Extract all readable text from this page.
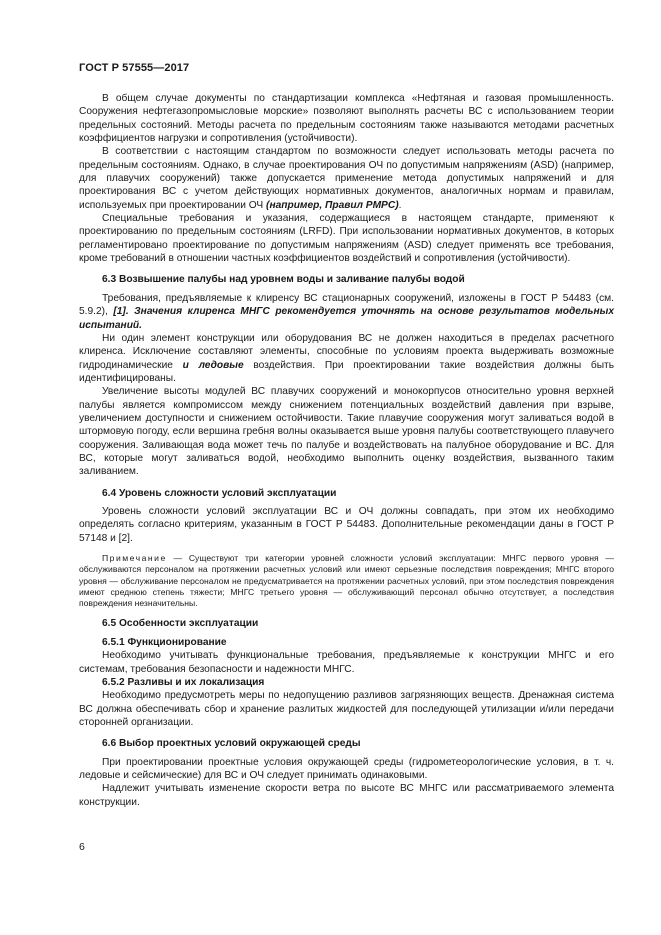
ГОСТ Р 57555—2017

В общем случае документы по стандартизации комплекса «Нефтяная и газовая промышленность. Сооружения нефтегазопромысловые морские» позволяют выполнять расчеты ВС с использованием теории предельных состояний. Методы расчета по предельным состояниям также называются методами расчетных коэффициентов нагрузки и сопротивления (устойчивости).

В соответствии с настоящим стандартом по возможности следует использовать методы расчета по предельным состояниям. Однако, в случае проектирования ОЧ по допустимым напряжениям (ASD) (например, для плавучих сооружений) также допускается применение метода допустимых напряжений и для проектирования ВС с учетом действующих нормативных документов, аналогичных нормам и правилам, используемых при проектировании ОЧ (например, Правил РМРС).

Специальные требования и указания, содержащиеся в настоящем стандарте, применяют к проектированию по предельным состояниям (LRFD). При использовании нормативных документов, в которых регламентировано проектирование по допустимым напряжениям (ASD) следует применять все требования, кроме требований в отношении частных коэффициентов воздействий и сопротивления (устойчивости).

6.3 Возвышение палубы над уровнем воды и заливание палубы водой

Требования, предъявляемые к клиренсу ВС стационарных сооружений, изложены в ГОСТ Р 54483 (см. 5.9.2), [1]. Значения клиренса МНГС рекомендуется уточнять на основе результатов модельных испытаний.

Ни один элемент конструкции или оборудования ВС не должен находиться в пределах расчетного клиренса. Исключение составляют элементы, способные по условиям проекта выдерживать возможные гидродинамические и ледовые воздействия. При проектировании такие воздействия должны быть идентифицированы.

Увеличение высоты модулей ВС плавучих сооружений и монокорпусов относительно уровня верхней палубы является компромиссом между снижением потенциальных воздействий давления при взрыве, увеличением доступности и снижением остойчивости. Такие плавучие сооружения могут заливаться водой в штормовую погоду, если вершина гребня волны оказывается выше уровня палубы соответствующего плавучего сооружения. Заливающая вода может течь по палубе и воздействовать на палубное оборудование и ВС. Для ВС, которые могут заливаться водой, необходимо выполнить оценку воздействия, вызванного таким заливанием.

6.4 Уровень сложности условий эксплуатации

Уровень сложности условий эксплуатации ВС и ОЧ должны совпадать, при этом их необходимо определять согласно критериям, указанным в ГОСТ Р 54483. Дополнительные рекомендации даны в ГОСТ Р 57148 и [2].

Примечание — Существуют три категории уровней сложности условий эксплуатации: МНГС первого уровня — обслуживаются персоналом на протяжении расчетных условий или имеют серьезные последствия повреждения; МНГС второго уровня — обслуживание персоналом не предусматривается на протяжении расчетных условий, при этом последствия повреждения имеют среднюю степень тяжести; МНГС третьего уровня — обслуживающий персонал обычно отсутствует, а последствия повреждения незначительны.

6.5 Особенности эксплуатации
6.5.1 Функционирование

Необходимо учитывать функциональные требования, предъявляемые к конструкции МНГС и его системам, требования безопасности и надежности МНГС.

6.5.2 Разливы и их локализация

Необходимо предусмотреть меры по недопущению разливов загрязняющих веществ. Дренажная система ВС должна обеспечивать сбор и хранение разлитых жидкостей для последующей утилизации и/или передачи сторонней организации.

6.6 Выбор проектных условий окружающей среды

При проектировании проектные условия окружающей среды (гидрометеорологические условия, в т. ч. ледовые и сейсмические) для ВС и ОЧ следует принимать одинаковыми.

Надлежит учитывать изменение скорости ветра по высоте ВС МНГС или рассматриваемого элемента конструкции.

6
